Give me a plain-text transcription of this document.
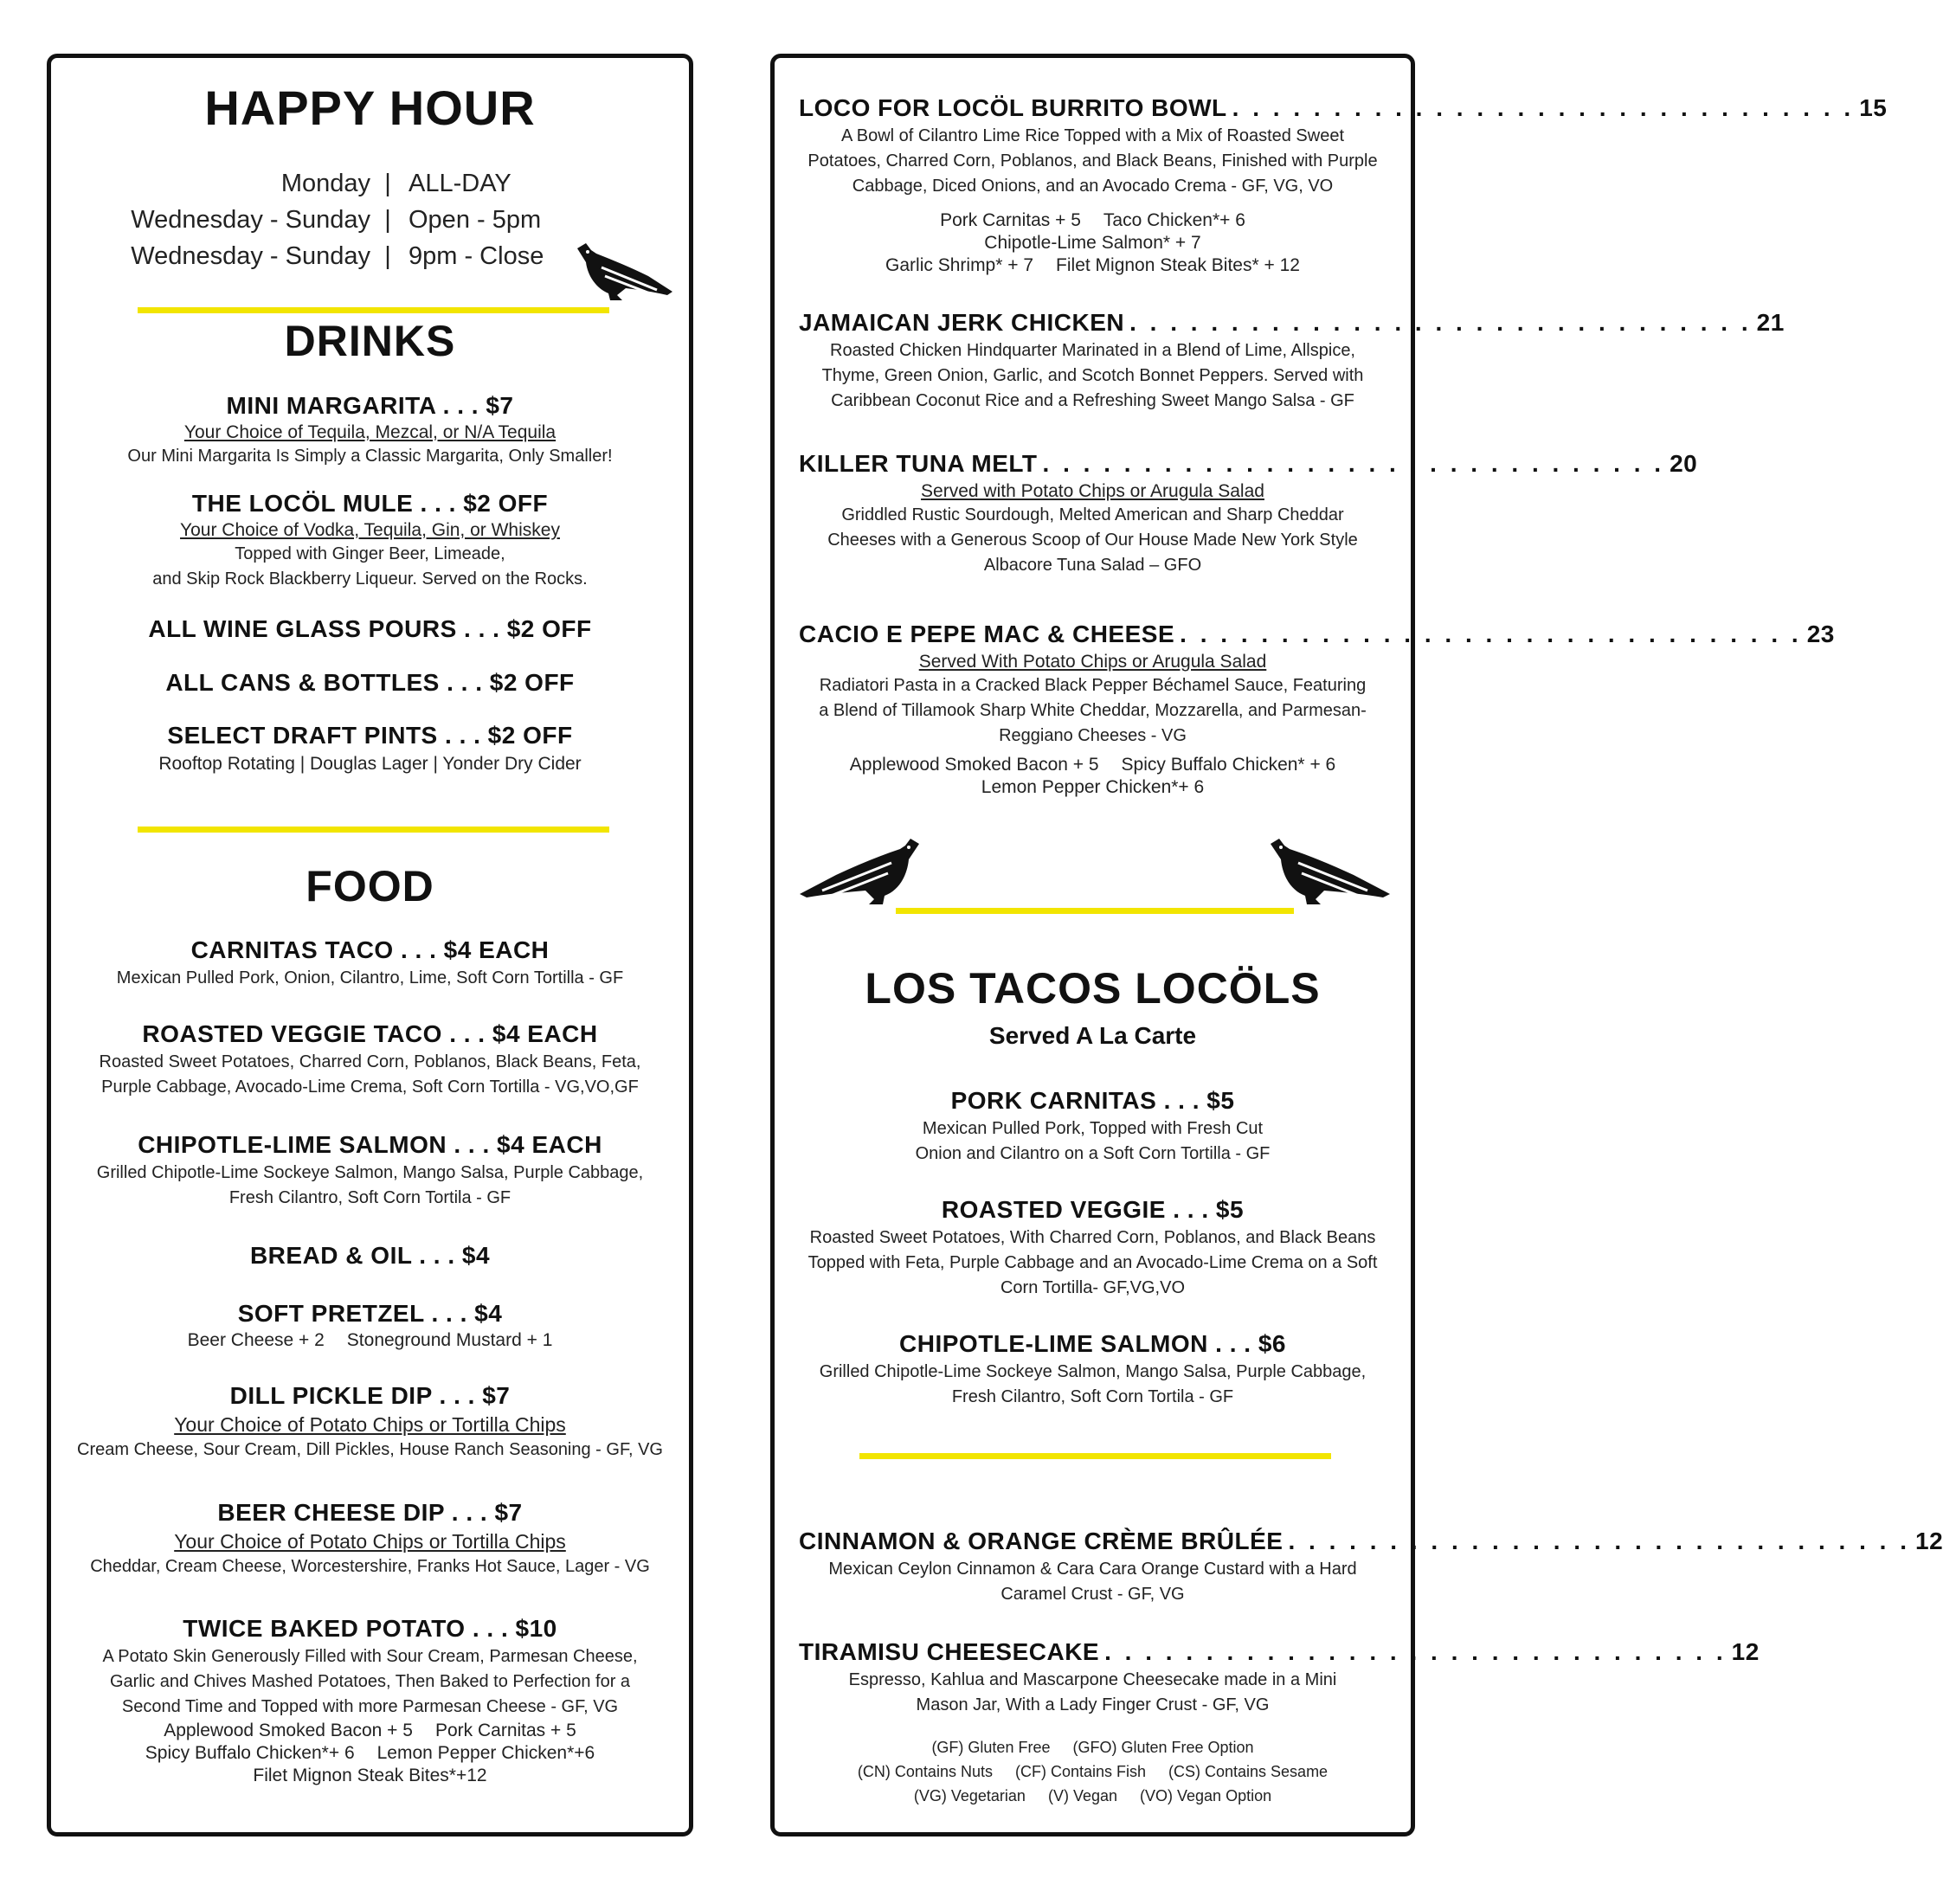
HAPPY HOUR
Monday | ALL-DAY
Wednesday - Sunday | Open - 5pm
Wednesday - Sunday | 9pm - Close
DRINKS
MINI MARGARITA . . . $7
Your Choice of Tequila, Mezcal, or N/A Tequila
Our Mini Margarita Is Simply a Classic Margarita, Only Smaller!
THE LOCÖL MULE . . . $2 OFF
Your Choice of Vodka, Tequila, Gin, or Whiskey
Topped with Ginger Beer, Limeade,
and Skip Rock Blackberry Liqueur. Served on the Rocks.
ALL WINE GLASS POURS . . . $2 OFF
ALL CANS & BOTTLES . . . $2 OFF
SELECT DRAFT PINTS . . . $2 OFF
Rooftop Rotating | Douglas Lager | Yonder Dry Cider
FOOD
CARNITAS TACO . . . $4 EACH
Mexican Pulled Pork, Onion, Cilantro, Lime, Soft Corn Tortilla - GF
ROASTED VEGGIE TACO . . . $4 EACH
Roasted Sweet Potatoes, Charred Corn, Poblanos, Black Beans, Feta,
Purple Cabbage, Avocado-Lime Crema, Soft Corn Tortilla - VG,VO,GF
CHIPOTLE-LIME SALMON . . . $4 EACH
Grilled Chipotle-Lime Sockeye Salmon, Mango Salsa, Purple Cabbage,
Fresh Cilantro, Soft Corn Tortila - GF
BREAD & OIL . . . $4
SOFT PRETZEL . . . $4
Beer Cheese + 2 Stoneground Mustard + 1
DILL PICKLE DIP . . . $7
Your Choice of Potato Chips or Tortilla Chips
Cream Cheese, Sour Cream, Dill Pickles, House Ranch Seasoning - GF, VG
BEER CHEESE DIP . . . $7
Your Choice of Potato Chips or Tortilla Chips
Cheddar, Cream Cheese, Worcestershire, Franks Hot Sauce, Lager - VG
TWICE BAKED POTATO . . . $10
A Potato Skin Generously Filled with Sour Cream, Parmesan Cheese,
Garlic and Chives Mashed Potatoes, Then Baked to Perfection for a
Second Time and Topped with more Parmesan Cheese - GF, VG
Applewood Smoked Bacon + 5 Pork Carnitas + 5
Spicy Buffalo Chicken*+ 6 Lemon Pepper Chicken*+6
Filet Mignon Steak Bites*+12
LOCO FOR LOCÖL BURRITO BOWL . . . . . . . . . . . . . . . . . . . . . . . . . . . . . . . 15
A Bowl of Cilantro Lime Rice Topped with a Mix of Roasted Sweet
Potatoes, Charred Corn, Poblanos, and Black Beans, Finished with Purple
Cabbage, Diced Onions, and an Avocado Crema - GF, VG, VO
Pork Carnitas + 5 Taco Chicken*+ 6
Chipotle-Lime Salmon* + 7
Garlic Shrimp* + 7 Filet Mignon Steak Bites* + 12
JAMAICAN JERK CHICKEN . . . . . . . . . . . . . . . . . . . . . . . . . . . . . . . 21
Roasted Chicken Hindquarter Marinated in a Blend of Lime, Allspice,
Thyme, Green Onion, Garlic, and Scotch Bonnet Peppers. Served with
Caribbean Coconut Rice and a Refreshing Sweet Mango Salsa - GF
KILLER TUNA MELT . . . . . . . . . . . . . . . . . . . . . . . . . . . . . . . 20
Served with Potato Chips or Arugula Salad
Griddled Rustic Sourdough, Melted American and Sharp Cheddar
Cheeses with a Generous Scoop of Our House Made New York Style
Albacore Tuna Salad – GFO
CACIO E PEPE MAC & CHEESE . . . . . . . . . . . . . . . . . . . . . . . . . . . . . . . 23
Served With Potato Chips or Arugula Salad
Radiatori Pasta in a Cracked Black Pepper Béchamel Sauce, Featuring
a Blend of Tillamook Sharp White Cheddar, Mozzarella, and Parmesan-
Reggiano Cheeses - VG
Applewood Smoked Bacon + 5 Spicy Buffalo Chicken* + 6
Lemon Pepper Chicken*+ 6
LOS TACOS LOCÖLS
Served A La Carte
PORK CARNITAS . . . $5
Mexican Pulled Pork, Topped with Fresh Cut
Onion and Cilantro on a Soft Corn Tortilla - GF
ROASTED VEGGIE . . . $5
Roasted Sweet Potatoes, With Charred Corn, Poblanos, and Black Beans
Topped with Feta, Purple Cabbage and an Avocado-Lime Crema on a Soft
Corn Tortilla- GF,VG,VO
CHIPOTLE-LIME SALMON . . . $6
Grilled Chipotle-Lime Sockeye Salmon, Mango Salsa, Purple Cabbage,
Fresh Cilantro, Soft Corn Tortila - GF
CINNAMON & ORANGE CRÈME BRÛLÉE . . . . . . . . . . . . . . . . . . . . . . . . . . . . . . . 12
Mexican Ceylon Cinnamon & Cara Cara Orange Custard with a Hard
Caramel Crust - GF, VG
TIRAMISU CHEESECAKE . . . . . . . . . . . . . . . . . . . . . . . . . . . . . . . 12
Espresso, Kahlua and Mascarpone Cheesecake made in a Mini
Mason Jar, With a Lady Finger Crust - GF, VG
(GF) Gluten Free (GFO) Gluten Free Option
(CN) Contains Nuts (CF) Contains Fish (CS) Contains Sesame
(VG) Vegetarian (V) Vegan (VO) Vegan Option
